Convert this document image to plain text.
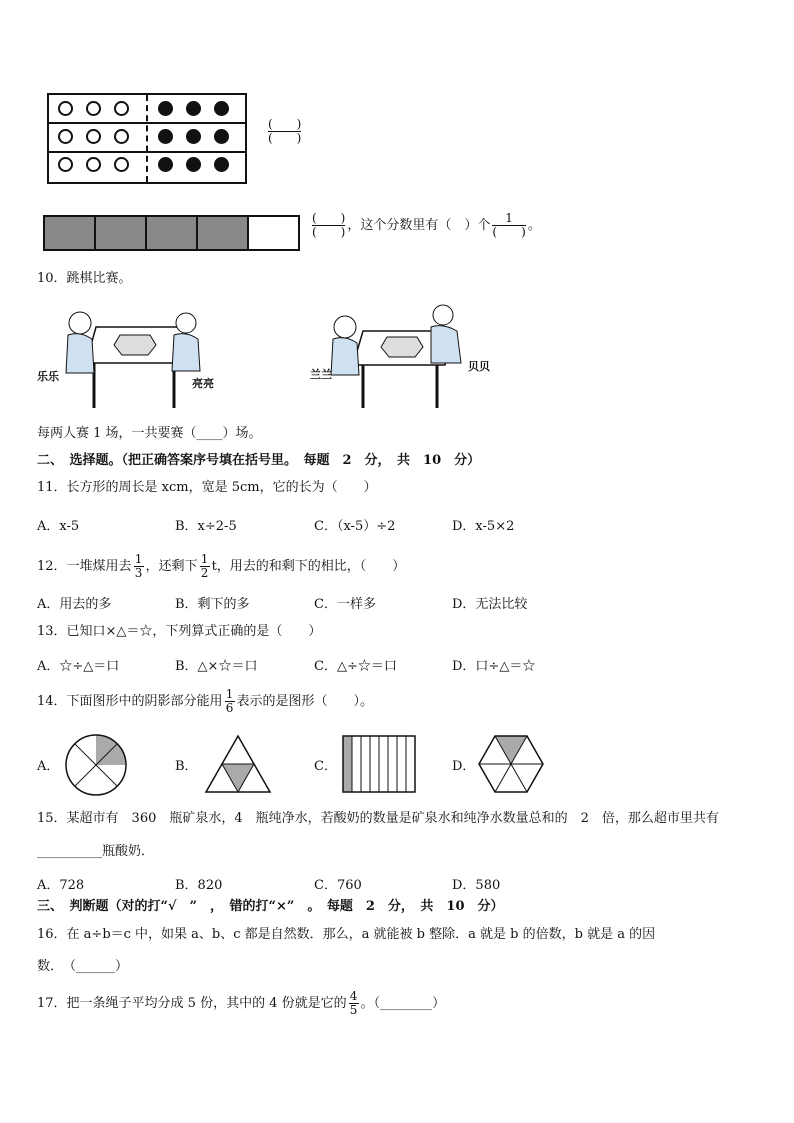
$\frac{( )}{( )}$
$\frac{( )}{( )}$ ，这个分数里有（　）个 $\frac{1}{( )}$ 。
10．跳棋比赛。
乐乐
亮亮
兰兰
贝贝
每两人赛 1 场，一共要赛（____）场。
二、　选择题。（把正确答案序号填在括号里。　每题　2　分，　共　10　分）
11．长方形的周长是 xcm，宽是 5cm，它的长为（　　）
A．x-5	B．x÷2-5	C．（x-5）÷2	D．x-5×2
12．一堆煤用去 $\frac{1}{3}$ ，还剩下 $\frac{1}{2}$ t，用去的和剩下的相比，（　　）
A．用去的多	B．剩下的多	C．一样多	D．无法比较
13．已知口×△＝☆，下列算式正确的是（　　）
A．☆÷△＝口	B．△×☆＝口	C．△÷☆＝口	D．口÷△＝☆
14．下面图形中的阴影部分能用 $\frac{1}{6}$ 表示的是图形（　　）。
A．	B．	C．	D．
15．某超市有　360　瓶矿泉水，4　瓶纯净水，若酸奶的数量是矿泉水和纯净水数量总和的　2　倍，那么超市里共有
__________瓶酸奶．
A．728	B．820	C．760	D．580
三、　判断题（对的打“√　”　，　错的打“×”　。　每题　2　分，　共　10　分）
16．在 a÷b＝c 中，如果 a、b、c 都是自然数．那么，a 就能被 b 整除．a 就是 b 的倍数，b 就是 a 的因
数．　（______）
17．把一条绳子平均分成 5 份，其中的 4 份就是它的 $\frac{4}{5}$ 。（________）
